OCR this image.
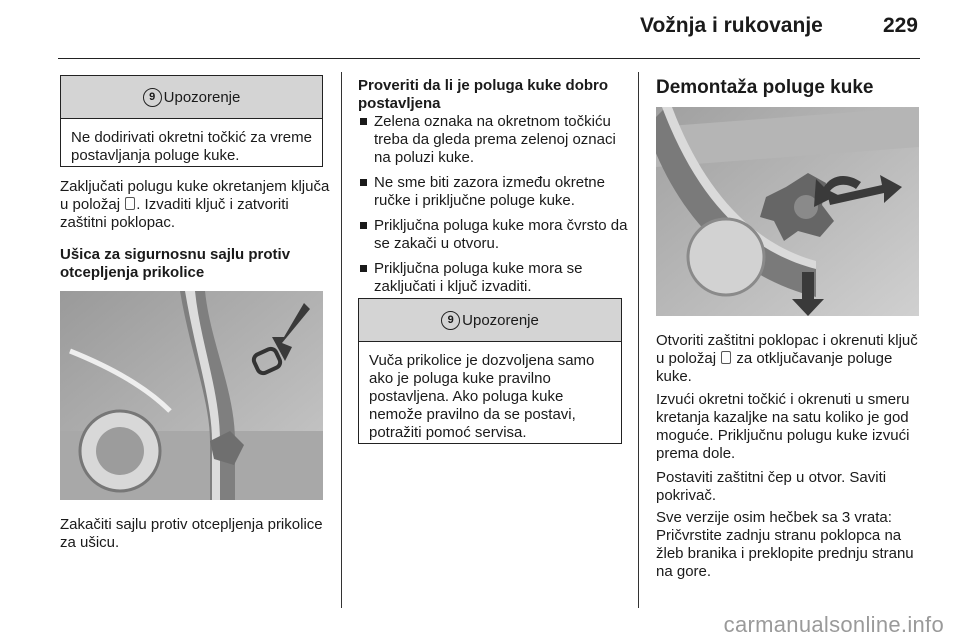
Vožnja i rukovanje	229
9 Upozorenje
Ne dodirivati okretni točkić za vreme postavljanja poluge kuke.

Zaključati polugu kuke okretanjem ključa u položaj . Izvaditi ključ i zatvoriti zaštitni poklopac.

Ušica za sigurnosnu sajlu protiv otcepljenja prikolice

Zakačiti sajlu protiv otcepljenja prikolice za ušicu.

Proveriti da li je poluga kuke dobro postavljena

Zelena oznaka na okretnom točkiću treba da gleda prema zelenoj oznaci na poluzi kuke.
Ne sme biti zazora između okretne ručke i priključne poluge kuke.
Priključna poluga kuke mora čvrsto da se zakači u otvoru.
Priključna poluga kuke mora se zaključati i ključ izvaditi.
9 Upozorenje
Vuča prikolice je dozvoljena samo ako je poluga kuke pravilno postavljena. Ako poluga kuke nemože pravilno da se postavi, potražiti pomoć servisa.
Demontaža poluge kuke

Otvoriti zaštitni poklopac i okrenuti ključ u položaj  za otključavanje poluge kuke.

Izvući okretni točkić i okrenuti u smeru kretanja kazaljke na satu koliko je god moguće. Priključnu polugu kuke izvući prema dole.

Postaviti zaštitni čep u otvor. Saviti pokrivač.

Sve verzije osim hečbek sa 3 vrata: Pričvrstite zadnju stranu poklopca na žleb branika i preklopite prednju stranu na gore.

carmanualsonline.info
